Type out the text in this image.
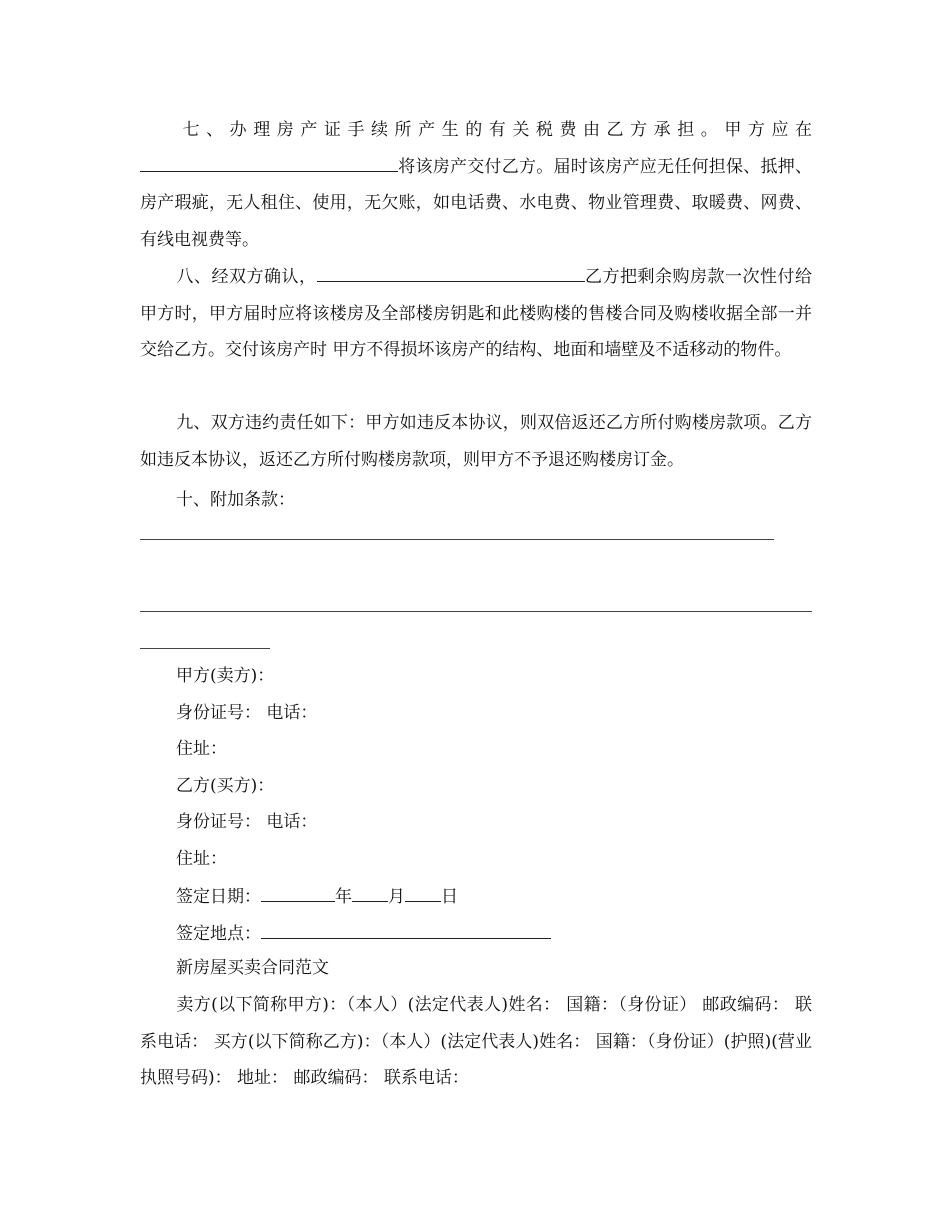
七、办理房产证手续所产生的有关税费由乙方承担。甲方应在将该房产交付乙方。届时该房产应无任何担保、抵押、房产瑕疵，无人租住、使用，无欠账，如电话费、水电费、物业管理费、取暖费、网费、有线电视费等。

八、经双方确认，	乙方把剩余购房款一次性付给甲方时，甲方届时应将该楼房及全部楼房钥匙和此楼购楼的售楼合同及购楼收据全部一并交给乙方。交付该房产时 甲方不得损坏该房产的结构、地面和墙壁及不适移动的物件。

九、双方违约责任如下：甲方如违反本协议，则双倍返还乙方所付购楼房款项。乙方如违反本协议，返还乙方所付购楼房款项，则甲方不予退还购楼房订金。

十、附加条款：
甲方(卖方)：
身份证号： 电话：
住址：
乙方(买方)：
身份证号： 电话：
住址：
签定日期：	年 月 日
签定地点：
新房屋买卖合同范文

卖方(以下简称甲方)：（本人）(法定代表人)姓名： 国籍：（身份证） 邮政编码： 联系电话： 买方(以下简称乙方)：（本人）(法定代表人)姓名： 国籍：（身份证）(护照)(营业执照号码)： 地址： 邮政编码： 联系电话：
